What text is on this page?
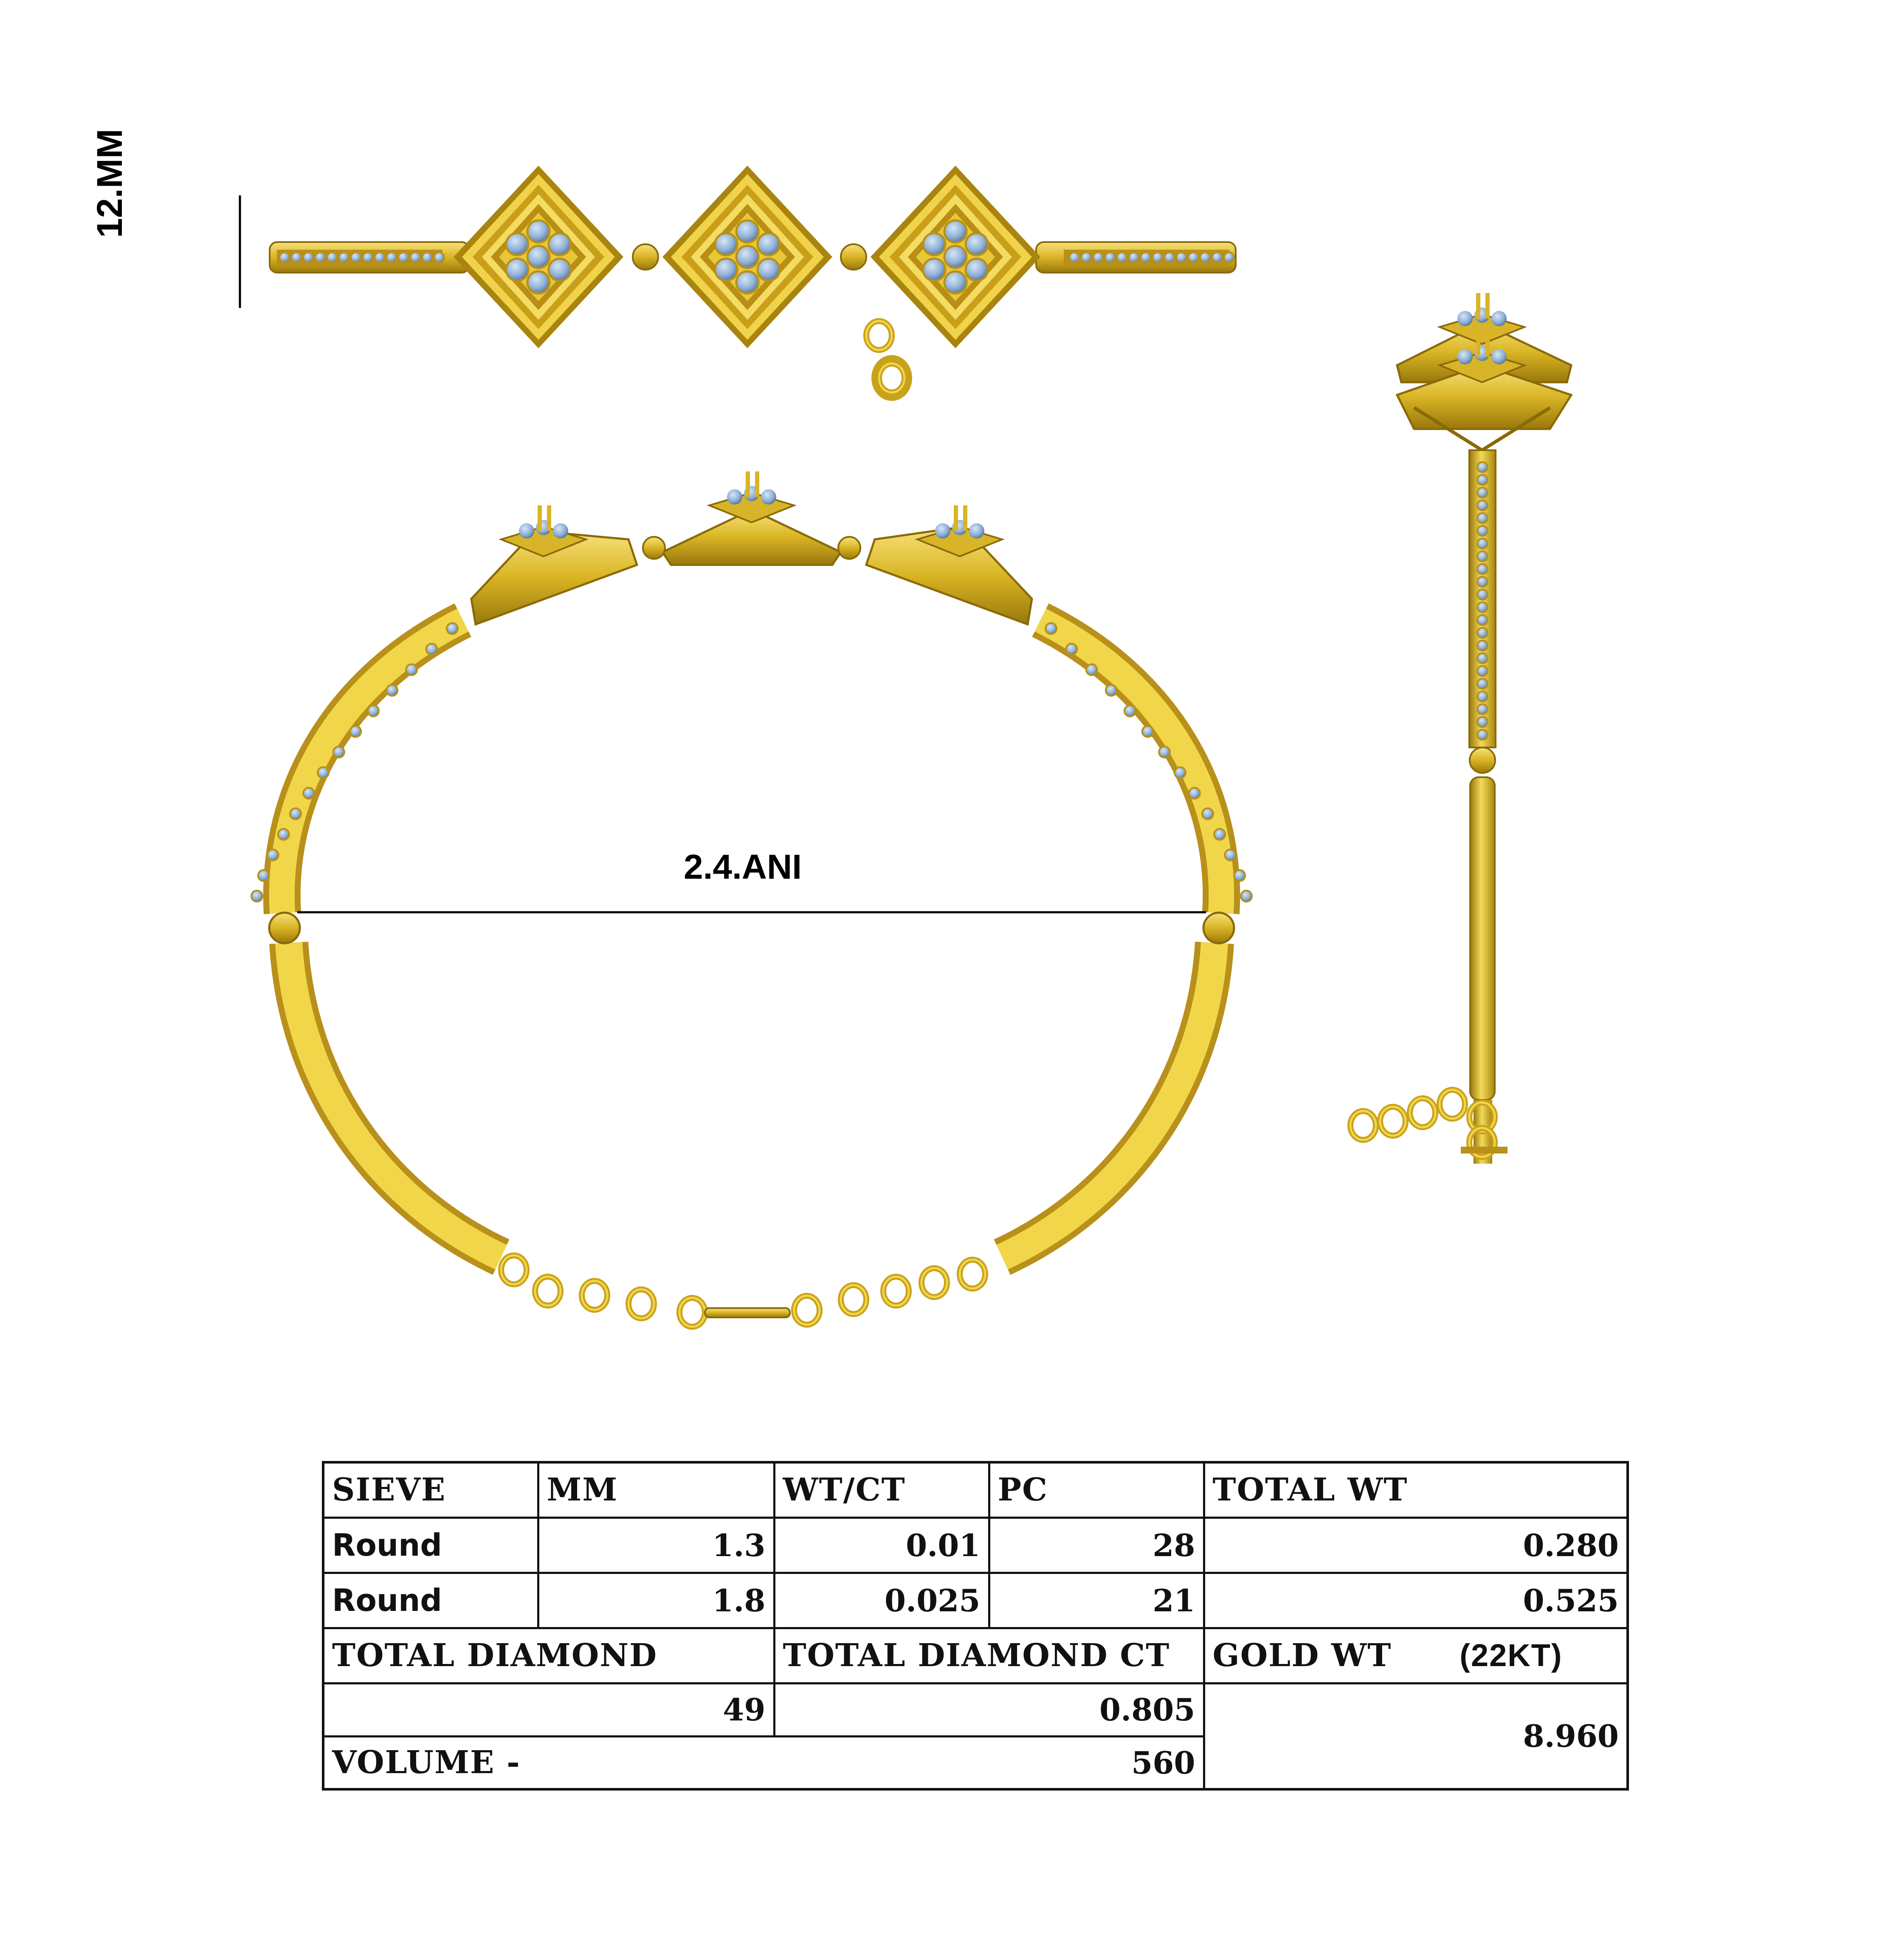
12.MM
2.4.ANI
SIEVE	MM	WT/CT	PC	TOTAL WT
Round	1.3	0.01	28	0.280
Round	1.8	0.025	21	0.525
TOTAL DIAMOND		TOTAL DIAMOND CT		GOLD WT (22KT)
49		0.805		8.960
VOLUME -		560		
